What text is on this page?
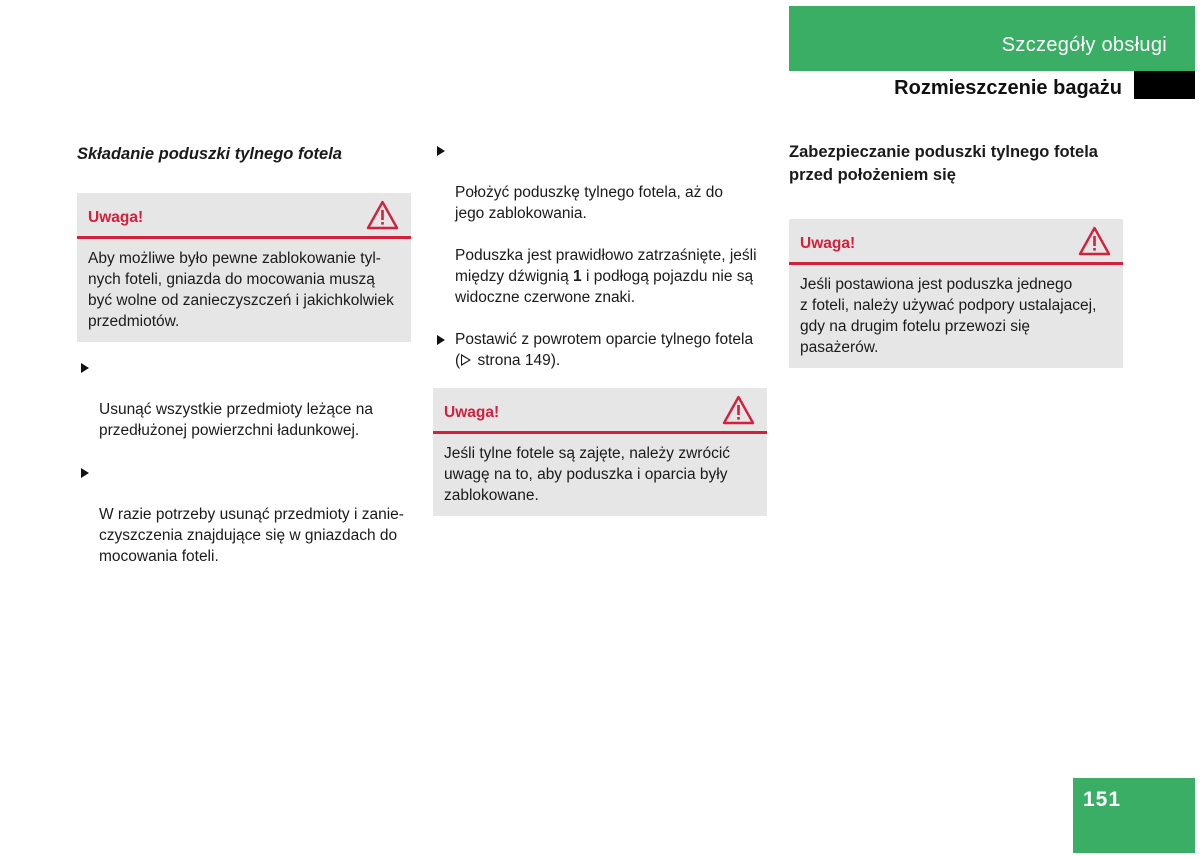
Szczegóły obsługi
Rozmieszczenie bagażu
Składanie poduszki tylnego fotela
Uwaga!
Aby możliwe było pewne zablokowanie tyl-
nych foteli, gniazda do mocowania muszą
być wolne od zanieczyszczeń i jakichkolwiek
przedmiotów.

Usunąć wszystkie przedmioty leżące na
przedłużonej powierzchni ładunkowej.

W razie potrzeby usunąć przedmioty i zanie-
czyszczenia znajdujące się w gniazdach do
mocowania foteli.

Położyć poduszkę tylnego fotela, aż do
jego zablokowania.

Poduszka jest prawidłowo zatrzaśnięte, jeśli
między dźwignią 1 i podłogą pojazdu nie są
widoczne czerwone znaki.
Postawić z powrotem oparcie tylnego fotela
( strona 149).
Uwaga!
Jeśli tylne fotele są zajęte, należy zwrócić
uwagę na to, aby poduszka i oparcia były
zablokowane.
Zabezpieczanie poduszki tylnego fotela
przed położeniem się
Uwaga!
Jeśli postawiona jest poduszka jednego
z foteli, należy używać podpory ustalajacej,
gdy na drugim fotelu przewozi się pasażerów.
151
